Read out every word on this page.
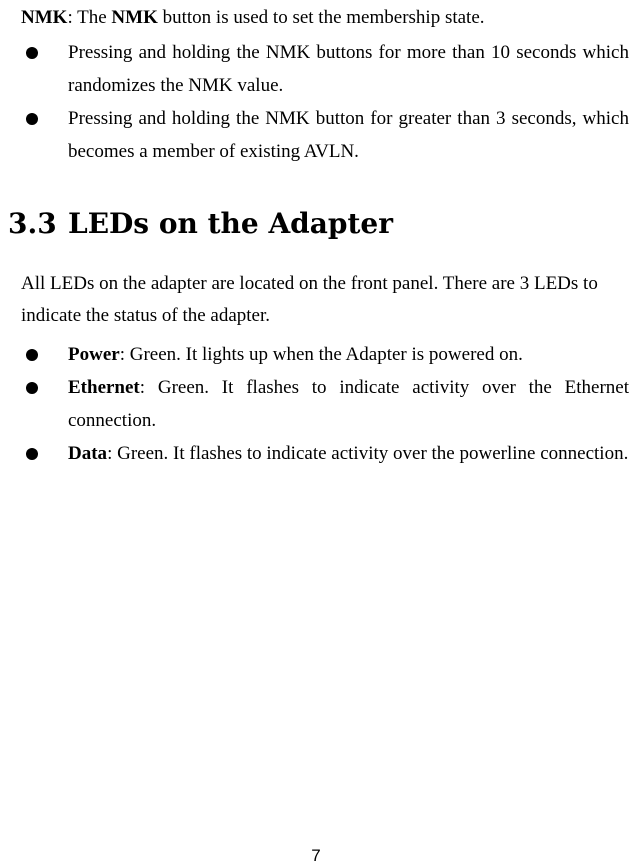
NMK: The NMK button is used to set the membership state.
Pressing and holding the NMK buttons for more than 10 seconds which randomizes the NMK value.
Pressing and holding the NMK button for greater than 3 seconds, which becomes a member of existing AVLN.
3.3 LEDs on the Adapter
All LEDs on the adapter are located on the front panel. There are 3 LEDs to indicate the status of the adapter.
Power: Green. It lights up when the Adapter is powered on.
Ethernet: Green. It flashes to indicate activity over the Ethernet connection.
Data: Green. It flashes to indicate activity over the powerline connection.
7
